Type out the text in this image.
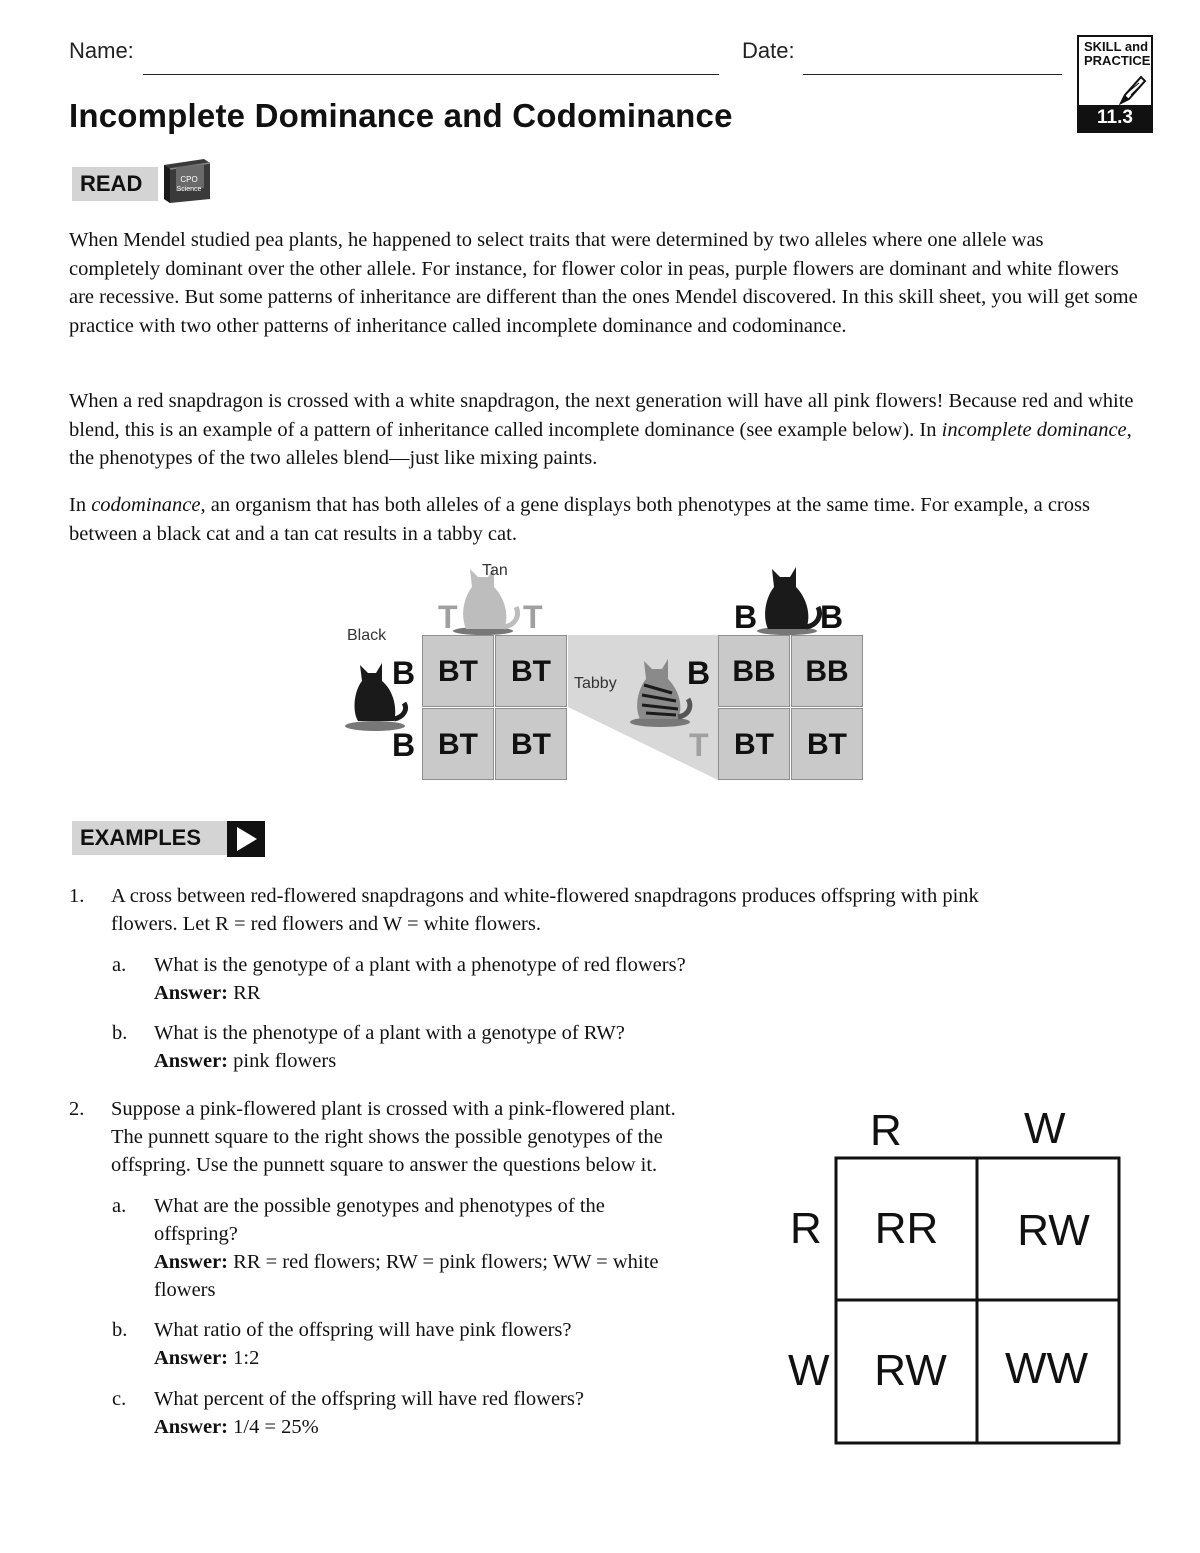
Name:	Date:	SKILL and
PRACTICE
11.3
Incomplete Dominance and Codominance
READ	CPO
Science

When Mendel studied pea plants, he happened to select traits that were determined by two alleles where one allele was completely dominant over the other allele. For instance, for flower color in peas, purple flowers are dominant and white flowers are recessive. But some patterns of inheritance are different than the ones Mendel discovered. In this skill sheet, you will get some practice with two other patterns of inheritance called incomplete dominance and codominance.

When a red snapdragon is crossed with a white snapdragon, the next generation will have all pink flowers! Because red and white blend, this is an example of a pattern of inheritance called incomplete dominance (see example below). In incomplete dominance, the phenotypes of the two alleles blend—just like mixing paints.

In codominance, an organism that has both alleles of a gene displays both phenotypes at the same time. For example, a cross between a black cat and a tan cat results in a tabby cat.

Tan
Black
Tabby
T T
B
B
BT	BT
BT	BT
B B
B
T
BB BB
BT	BT
EXAMPLES
1. A cross between red-flowered snapdragons and white-flowered snapdragons produces offspring with pink
flowers. Let R = red flowers and W = white flowers.
a. What is the genotype of a plant with a phenotype of red flowers?
Answer: RR
b. What is the phenotype of a plant with a genotype of RW?
Answer: pink flowers
2. Suppose a pink-flowered plant is crossed with a pink-flowered plant.
The punnett square to the right shows the possible genotypes of the
offspring. Use the punnett square to answer the questions below it.
a. What are the possible genotypes and phenotypes of the
offspring?
Answer: RR = red flowers; RW = pink flowers; WW = white
flowers
b. What ratio of the offspring will have pink flowers?
Answer: 1:2
c. What percent of the offspring will have red flowers?
Answer: 1/4 = 25%
R	W
R
W
RR	RW
RW	WW
